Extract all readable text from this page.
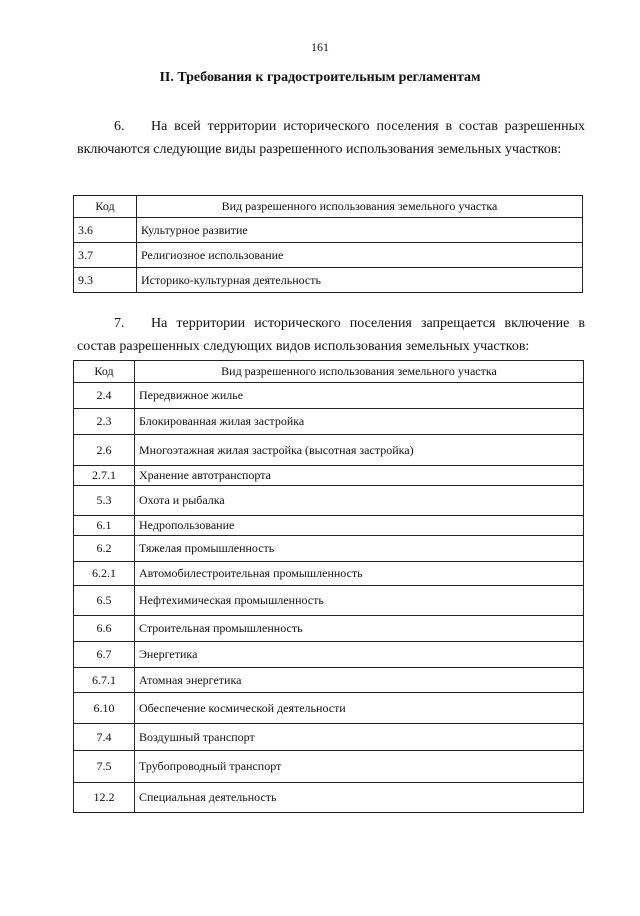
161
II. Требования к градостроительным регламентам
6. На всей территории исторического поселения в состав разрешенных включаются следующие виды разрешенного использования земельных участков:
Код	Вид разрешенного использования земельного участка
3.6	Культурное развитие
3.7	Религиозное использование
9.3	Историко-культурная деятельность
7. На территории исторического поселения запрещается включение в состав разрешенных следующих видов использования земельных участков:
Код	Вид разрешенного использования земельного участка
2.4	Передвижное жилье
2.3	Блокированная жилая застройка
2.6	Многоэтажная жилая застройка (высотная застройка)
2.7.1	Хранение автотранспорта
5.3	Охота и рыбалка
6.1	Недропользование
6.2	Тяжелая промышленность
6.2.1	Автомобилестроительная промышленность
6.5	Нефтехимическая промышленность
6.6	Строительная промышленность
6.7	Энергетика
6.7.1	Атомная энергетика
6.10	Обеспечение космической деятельности
7.4	Воздушный транспорт
7.5	Трубопроводный транспорт
12.2	Специальная деятельность
